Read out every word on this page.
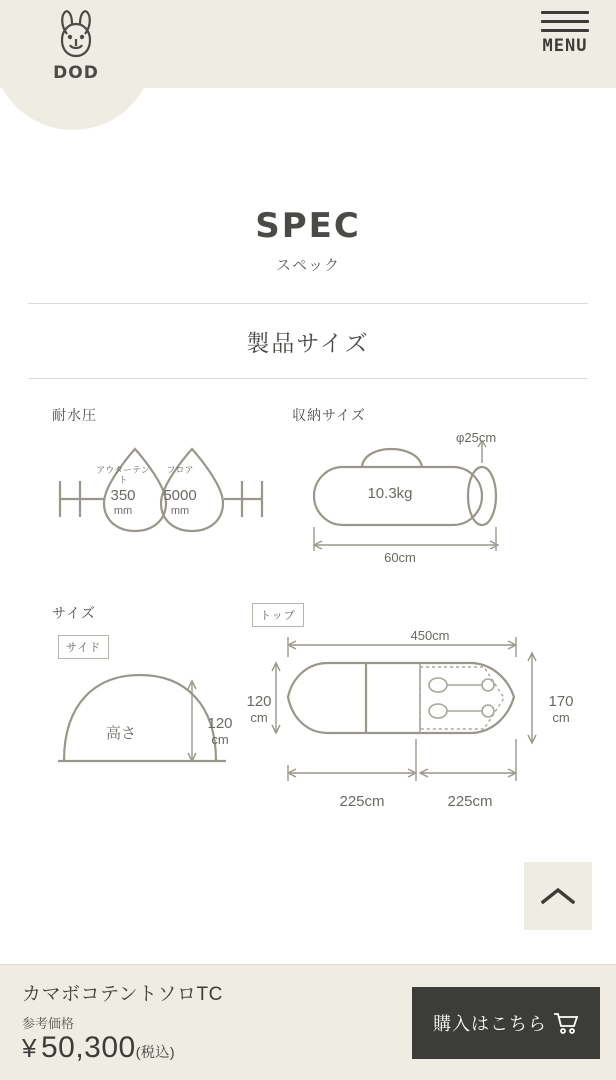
DOD
MENU
SPEC
スペック
製品サイズ
耐水圧
アウターテント
350
mm
フロア
5000
mm
収納サイズ
φ25cm
10.3kg
60cm
サイズ
サイド
トップ
高さ
120
cm
450cm
120
cm
170
cm
225cm	225cm
カマボコテントソロTC
参考価格
¥ 50,300(税込)
購入はこちら
